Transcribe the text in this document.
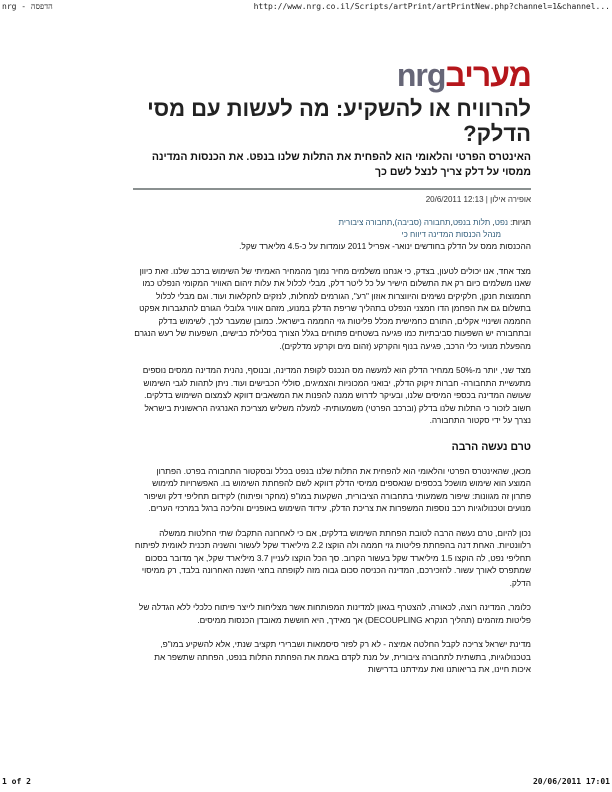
nrg - הדפסה	http://www.nrg.co.il/Scripts/artPrint/artPrintNew.php?channel=1&channel...
מעריבnrg
להרוויח או להשקיע: מה לעשות עם מסי הדלק?
האינטרס הפרטי והלאומי הוא להפחית את התלות שלנו בנפט. את הכנסות המדינה ממסוי על דלק צריך לנצל לשם כך
אופירה אילון | 20/6/2011 12:13
תגיות: נפט, תלות בנפט,תחבורה (סביבה),תחבורה ציבורית
מנהל הכנסות המדינה דיווח כי

ההכנסות ממס על הדלק בחודשים ינואר- אפריל 2011 עומדות על כ-4.5 מליארד שקל.

מצד אחד, אנו יכולים לטעון, בצדק, כי אנחנו משלמים מחיר נמוך מהמחיר האמיתי של השימוש ברכב שלנו. זאת כיוון שאנו משלמים כיום רק את התשלום הישיר על כל ליטר דלק, מבלי לכלול את עלות זיהום האוויר המקומי הנפלט כמו תחמוצות חנקן, חלקיקים נשימים והיווצרות אוזון "רע", הגורמים למחלות, לנזקים לחקלאות ועוד. וגם מבלי לכלול בתשלום גם את הפחמן הדו חמצני הנפלט בתהליך שריפת הדלק במנוע, מזהם אוויר גלובלי הגורם להתגברות אפקט החממה ושינויי אקלים, התורם כחמישית מכלל פליטות גזי החממה בישראל. כמובן שמעבר לכך, לשימוש בדלק ובתחבורה יש השפעות סביבתיות כמו פגיעה בשטחים פתוחים בגלל הצורך בסלילת כבישים, השפעות של רעש הנגרם מהפעלת מנועי כלי הרכב, פגיעה בנוף והקרקע (זהום מים וקרקע מדלקים).

מצד שני, יותר מ-50% ממחיר הדלק הוא למעשה מס הנכנס לקופת המדינה, ובנוסף, נהנית המדינה ממסים נוספים מתעשיית התחבורה- חברות זיקוק הדלק, יבואני המכוניות והצמיגים, סוללי הכבישים ועוד. ניתן לתהות לגבי השימוש שעושה המדינה בכספי המיסים שלנו, ובעיקר לדרוש ממנה להפנות את המשאבים דווקא לצמצום השימוש בדלקים. חשוב לזכור כי התלות שלנו בדלק (וברכב הפרטי) משמעותית- למעלה משליש מצריכת האנרגיה הראשונית בישראל נצרך על ידי סקטור התחבורה.

טרם נעשה הרבה

מכאן, שהאינטרס הפרטי והלאומי הוא להפחית את התלות שלנו בנפט בכלל ובסקטור התחבורה בפרט. הפתרון המוצע הוא שימוש מושכל בכספים שנאספים ממיסי הדלק דווקא לשם להפחתת השימוש בו. האפשרויות למימוש פתרון זה מגוונות: שיפור משמעותי בתחבורה הציבורית, השקעות במו"פ (מחקר ופיתוח) לקידום תחליפי דלק ושיפור מנועים וטכנולוגיות רכב נוספות המשפרות את צריכת הדלק, עידוד השימוש באופניים והליכה ברגל במרכזי הערים.

נכון להיום, טרם נעשה הרבה לטובת הפחתת השימוש בדלקים, אם כי לאחרונה התקבלו שתי החלטות ממשלה רלוונטיות. האחת דנה בהפחתת פליטות גזי חממה ולה הוקצו 2.2 מיליארד שקל לעשור והשניה תכנית לאומית לפיתוח תחליפי נפט, לה הוקצו 1.5 מיליארד שקל בעשור הקרוב. סך הכל הוקצו לעניין 3.7 מיליארד שקל, אך מדובר בסכום שמתפרס לאורך עשור. להזכירכם, המדינה הכניסה סכום גבוה מזה לקופתה בחצי השנה האחרונה בלבד, רק ממיסוי הדלק.

כלומר, המדינה רוצה, לכאורה, להצטרף בגאון למדינות המפותחות אשר מצליחות לייצר פיתוח כלכלי ללא הגדלה של פליטות מזהמים (תהליך הנקרא DECOUPLING) אך מאידך, היא חוששת מאובדן הכנסות ממיסים.

מדינת ישראל צריכה לקבל החלטה אמיצה - לא רק לפזר סיסמאות ושברירי תקציב שנתי, אלא להשקיע במו"פ, בטכנולוגיות, בתשתית לתחבורה ציבורית, על מנת לקדם באמת את הפחתת התלות בנפט, הפחתה שתשפר את איכות חיינו, את בריאותנו ואת עמידתנו בדרישות

1 of 2	20/06/2011 17:01
